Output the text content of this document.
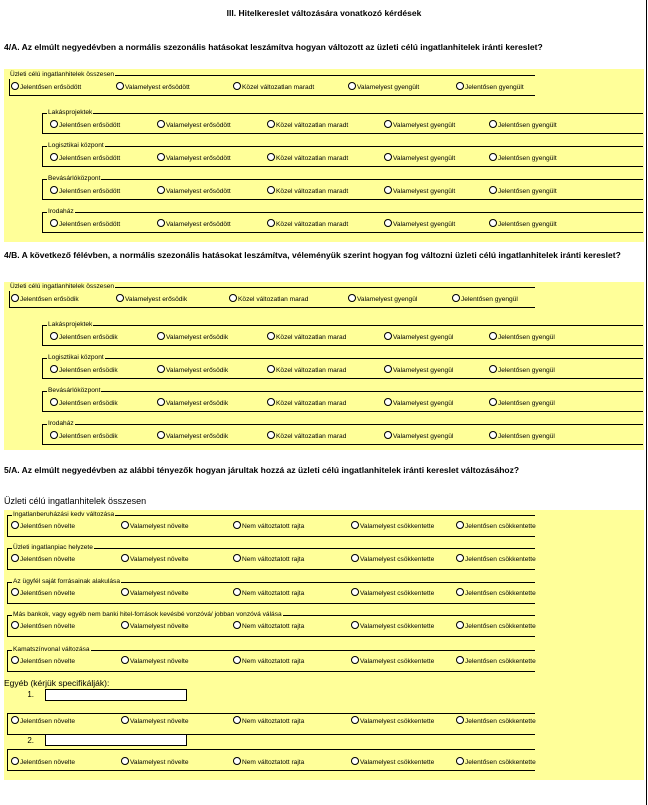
III. Hitelkereslet változására vonatkozó kérdések
4/A. Az elmúlt negyedévben a normális szezonális hatásokat leszámítva hogyan változott az üzleti célú ingatlanhitelek iránti kereslet?
Üzleti célú ingatlanhitelek összesen
Jelentősen erősödött	Valamelyest erősödött	Közel változatlan maradt	Valamelyest gyengült	Jelentősen gyengült
Lakásprojektek
Jelentősen erősödött	Valamelyest erősödött	Közel változatlan maradt	Valamelyest gyengült	Jelentősen gyengült
Logisztikai központ
Jelentősen erősödött	Valamelyest erősödött	Közel változatlan maradt	Valamelyest gyengült	Jelentősen gyengült
Bevásárlóközpont
Jelentősen erősödött	Valamelyest erősödött	Közel változatlan maradt	Valamelyest gyengült	Jelentősen gyengült
Irodaház
Jelentősen erősödött	Valamelyest erősödött	Közel változatlan maradt	Valamelyest gyengült	Jelentősen gyengült
4/B. A következő félévben, a normális szezonális hatásokat leszámítva, véleményük szerint hogyan fog változni üzleti célú ingatlanhitelek iránti kereslet?
Üzleti célú ingatlanhitelek összesen
Jelentősen erősödik	Valamelyest erősödik	Közel változatlan marad	Valamelyest gyengül	Jelentősen gyengül
Lakásprojektek
Jelentősen erősödik	Valamelyest erősödik	Közel változatlan marad	Valamelyest gyengül	Jelentősen gyengül
Logisztikai központ
Jelentősen erősödik	Valamelyest erősödik	Közel változatlan marad	Valamelyest gyengül	Jelentősen gyengül
Bevásárlóközpont
Jelentősen erősödik	Valamelyest erősödik	Közel változatlan marad	Valamelyest gyengül	Jelentősen gyengül
Irodaház
Jelentősen erősödik	Valamelyest erősödik	Közel változatlan marad	Valamelyest gyengül	Jelentősen gyengül
5/A. Az elmúlt negyedévben az alábbi tényezők hogyan járultak hozzá az üzleti célú ingatlanhitelek iránti kereslet változásához?
Üzleti célú ingatlanhitelek összesen
Ingatlanberuházási kedv változása
Jelentősen növelte	Valamelyest növelte	Nem változtatott rajta	Valamelyest csökkentette	Jelentősen csökkentette
Üzleti ingatlanpiac helyzete
Jelentősen növelte	Valamelyest növelte	Nem változtatott rajta	Valamelyest csökkentette	Jelentősen csökkentette
Az ügyfél saját forrásainak alakulása
Jelentősen növelte	Valamelyest növelte	Nem változtatott rajta	Valamelyest csökkentette	Jelentősen csökkentette
Más bankok, vagy egyéb nem banki hitel-források kevésbé vonzóvá/ jobban vonzóvá válása
Jelentősen növelte	Valamelyest növelte	Nem változtatott rajta	Valamelyest csökkentette	Jelentősen csökkentette
Kamatszínvonal változása
Jelentősen növelte	Valamelyest növelte	Nem változtatott rajta	Valamelyest csökkentette	Jelentősen csökkentette
Jelentősen növelte	Valamelyest növelte	Nem változtatott rajta	Valamelyest csökkentette	Jelentősen csökkentette
Jelentősen növelte	Valamelyest növelte	Nem változtatott rajta	Valamelyest csökkentette	Jelentősen csökkentette
Egyéb (kérjük specifikálják):
1.
2.
